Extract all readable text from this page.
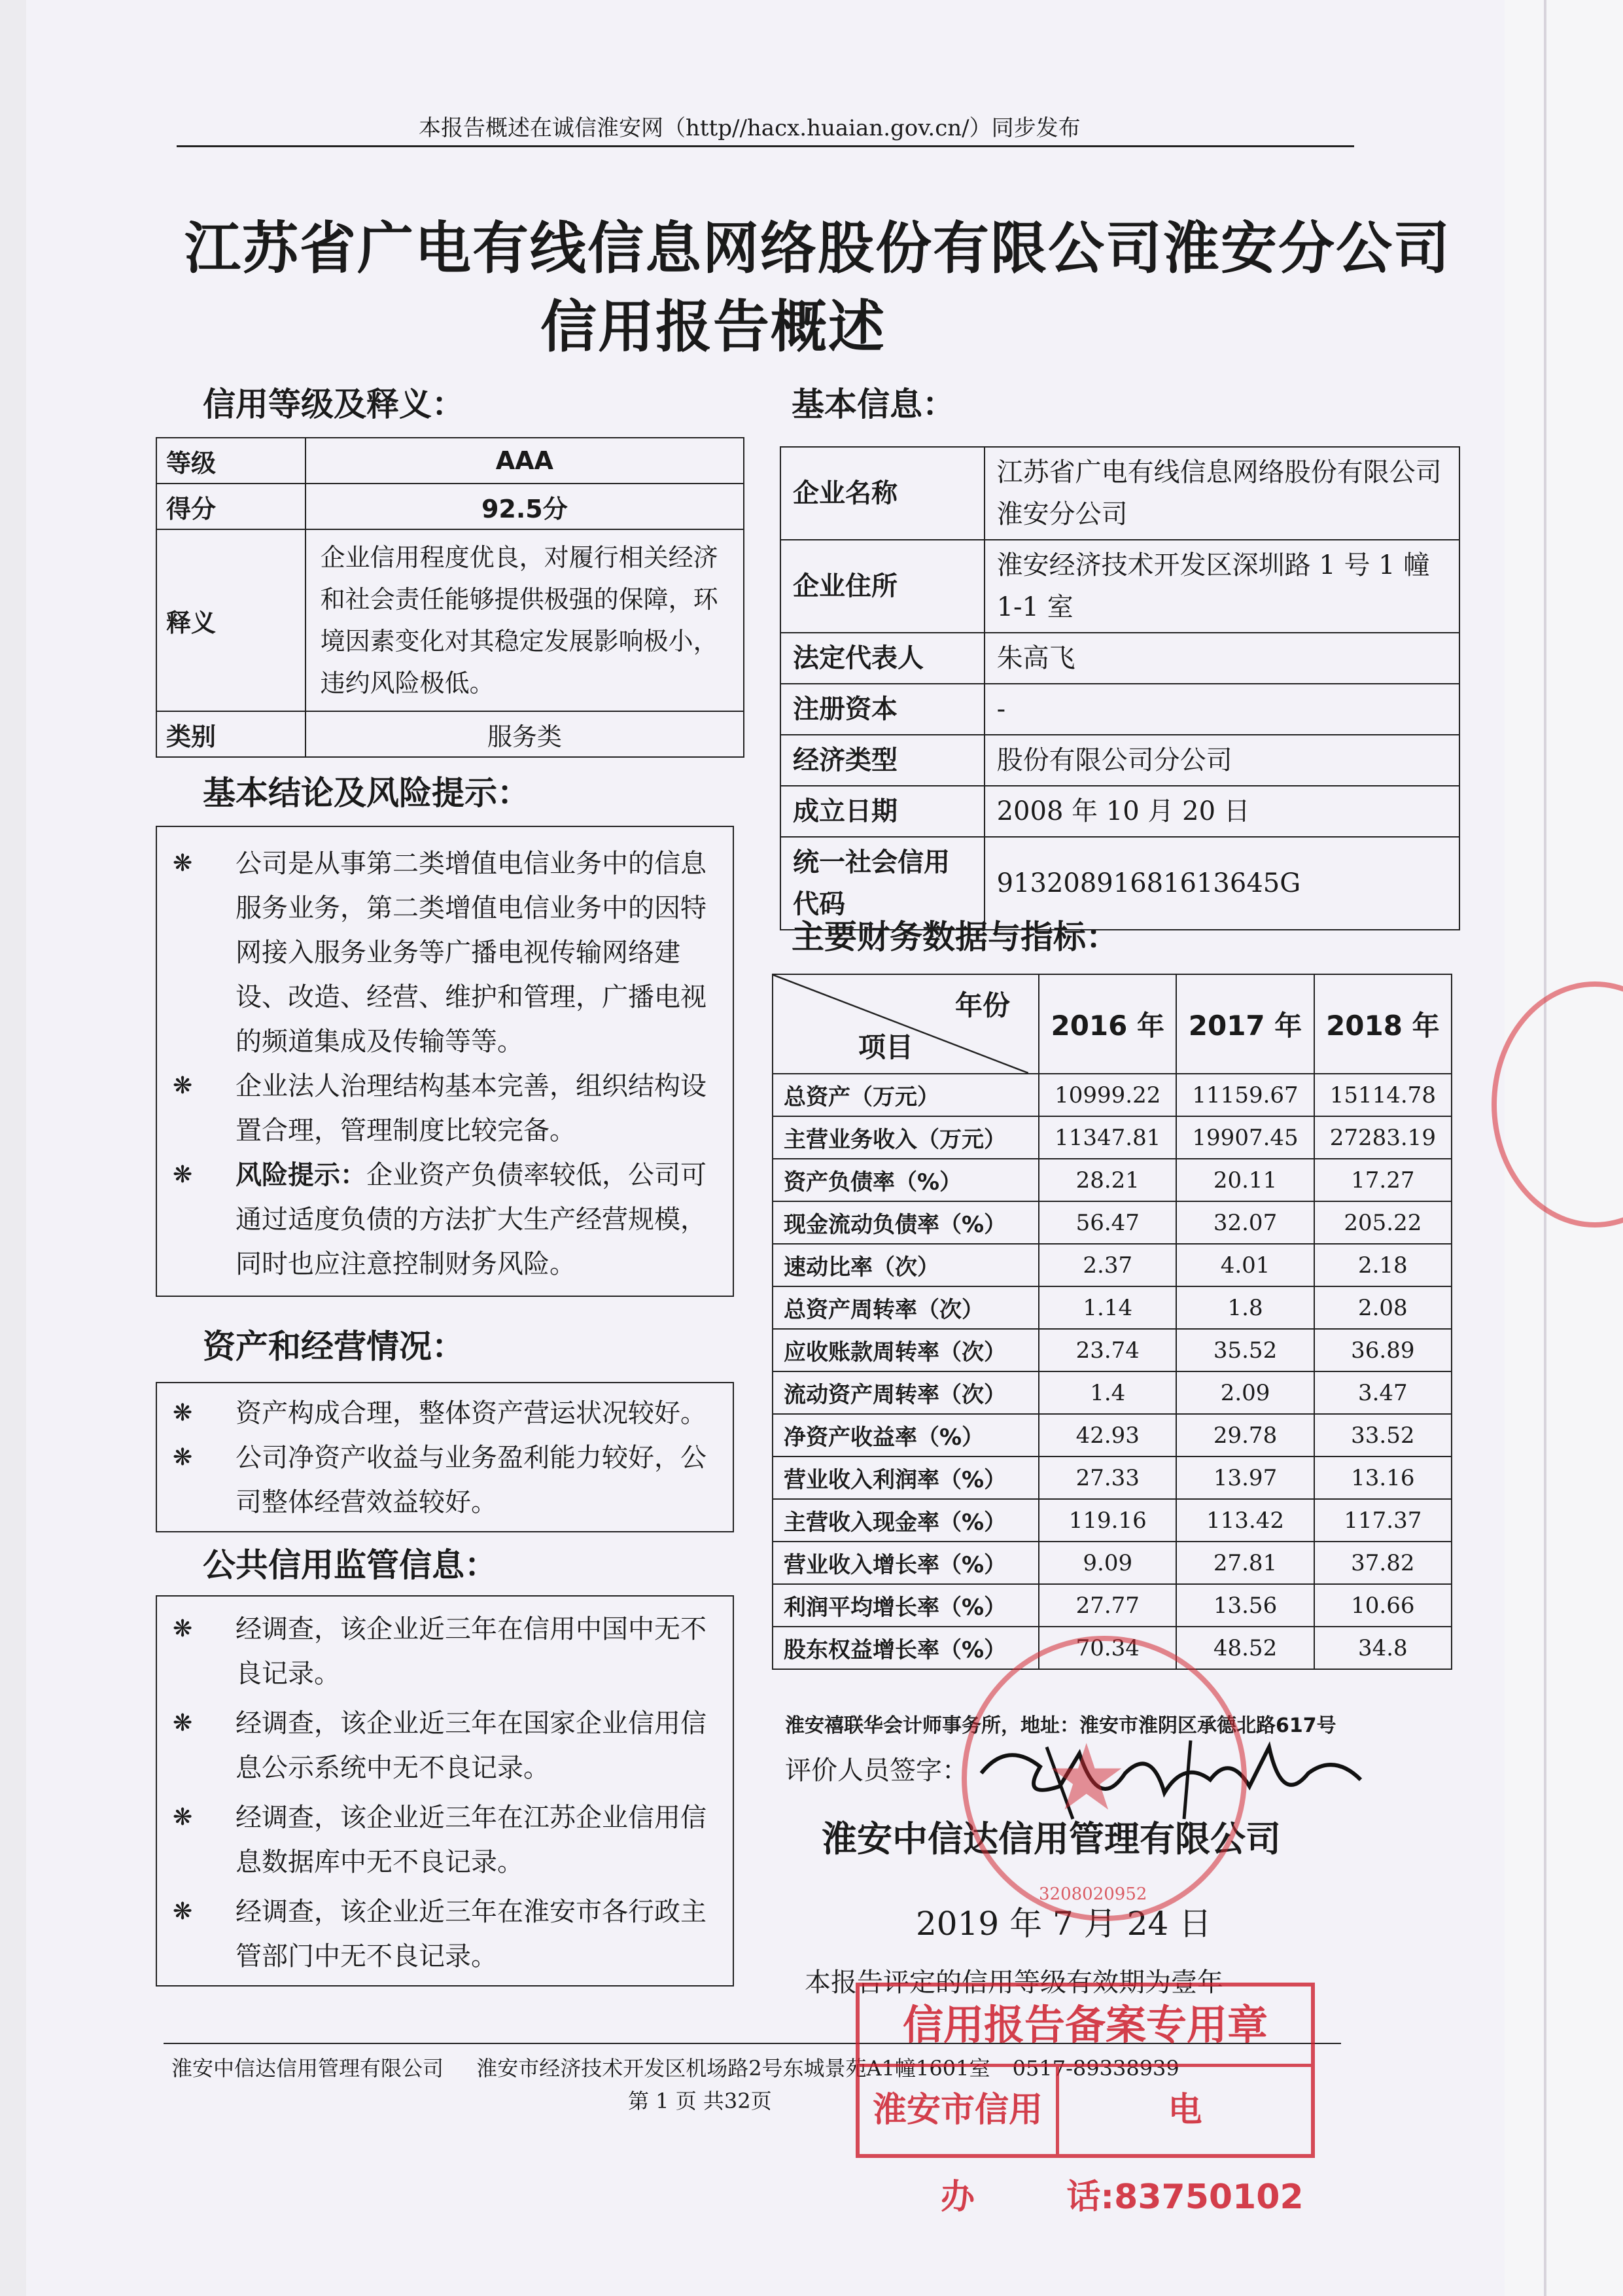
本报告概述在诚信淮安网（http//hacx.huaian.gov.cn/）同步发布
江苏省广电有线信息网络股份有限公司淮安分公司
信用报告概述
信用等级及释义：
等级	AAA
得分	92.5分
释义	企业信用程度优良，对履行相关经济和社会责任能够提供极强的保障，环境因素变化对其稳定发展影响极小，违约风险极低。
类别	服务类
基本信息：
企业名称	江苏省广电有线信息网络股份有限公司淮安分公司
企业住所	淮安经济技术开发区深圳路 1 号 1 幢 1-1 室
法定代表人	朱高飞
注册资本	-
经济类型	股份有限公司分公司
成立日期	2008 年 10 月 20 日
统一社会信用代码	91320891681613645G
基本结论及风险提示：
❋ 公司是从事第二类增值电信业务中的信息服务业务，第二类增值电信业务中的因特网接入服务业务等广播电视传输网络建设、改造、经营、维护和管理，广播电视的频道集成及传输等等。
❋ 企业法人治理结构基本完善，组织结构设置合理，管理制度比较完备。
❋ 风险提示：企业资产负债率较低，公司可通过适度负债的方法扩大生产经营规模，同时也应注意控制财务风险。
资产和经营情况：
❋ 资产构成合理，整体资产营运状况较好。
❋ 公司净资产收益与业务盈利能力较好，公司整体经营效益较好。
公共信用监管信息：
❋ 经调查，该企业近三年在信用中国中无不良记录。
❋ 经调查，该企业近三年在国家企业信用信息公示系统中无不良记录。
❋ 经调查，该企业近三年在江苏企业信用信息数据库中无不良记录。
❋ 经调查，该企业近三年在淮安市各行政主管部门中无不良记录。
主要财务数据与指标：
年份
项目	2016 年	2017 年	2018 年
总资产（万元）	10999.22	11159.67	15114.78
主营业务收入（万元）	11347.81	19907.45	27283.19
资产负债率（%）	28.21	20.11	17.27
现金流动负债率（%）	56.47	32.07	205.22
速动比率（次）	2.37	4.01	2.18
总资产周转率（次）	1.14	1.8	2.08
应收账款周转率（次）	23.74	35.52	36.89
流动资产周转率（次）	1.4	2.09	3.47
净资产收益率（%）	42.93	29.78	33.52
营业收入利润率（%）	27.33	13.97	13.16
主营收入现金率（%）	119.16	113.42	117.37
营业收入增长率（%）	9.09	27.81	37.82
利润平均增长率（%）	27.77	13.56	10.66
股东权益增长率（%）	70.34	48.52	34.8
淮安禧联华会计师事务所，地址：淮安市淮阴区承德北路617号
评价人员签字：
淮安中信达信用管理有限公司
2019 年 7 月 24 日
本报告评定的信用等级有效期为壹年
★
3208020952
淮安中信达信用管理有限公司 淮安市经济技术开发区机场路2号东城景苑A1幢1601室 0517-89338939
第 1 页 共32页
信用报告备案专用章
淮安市信用办
电话:83750102
